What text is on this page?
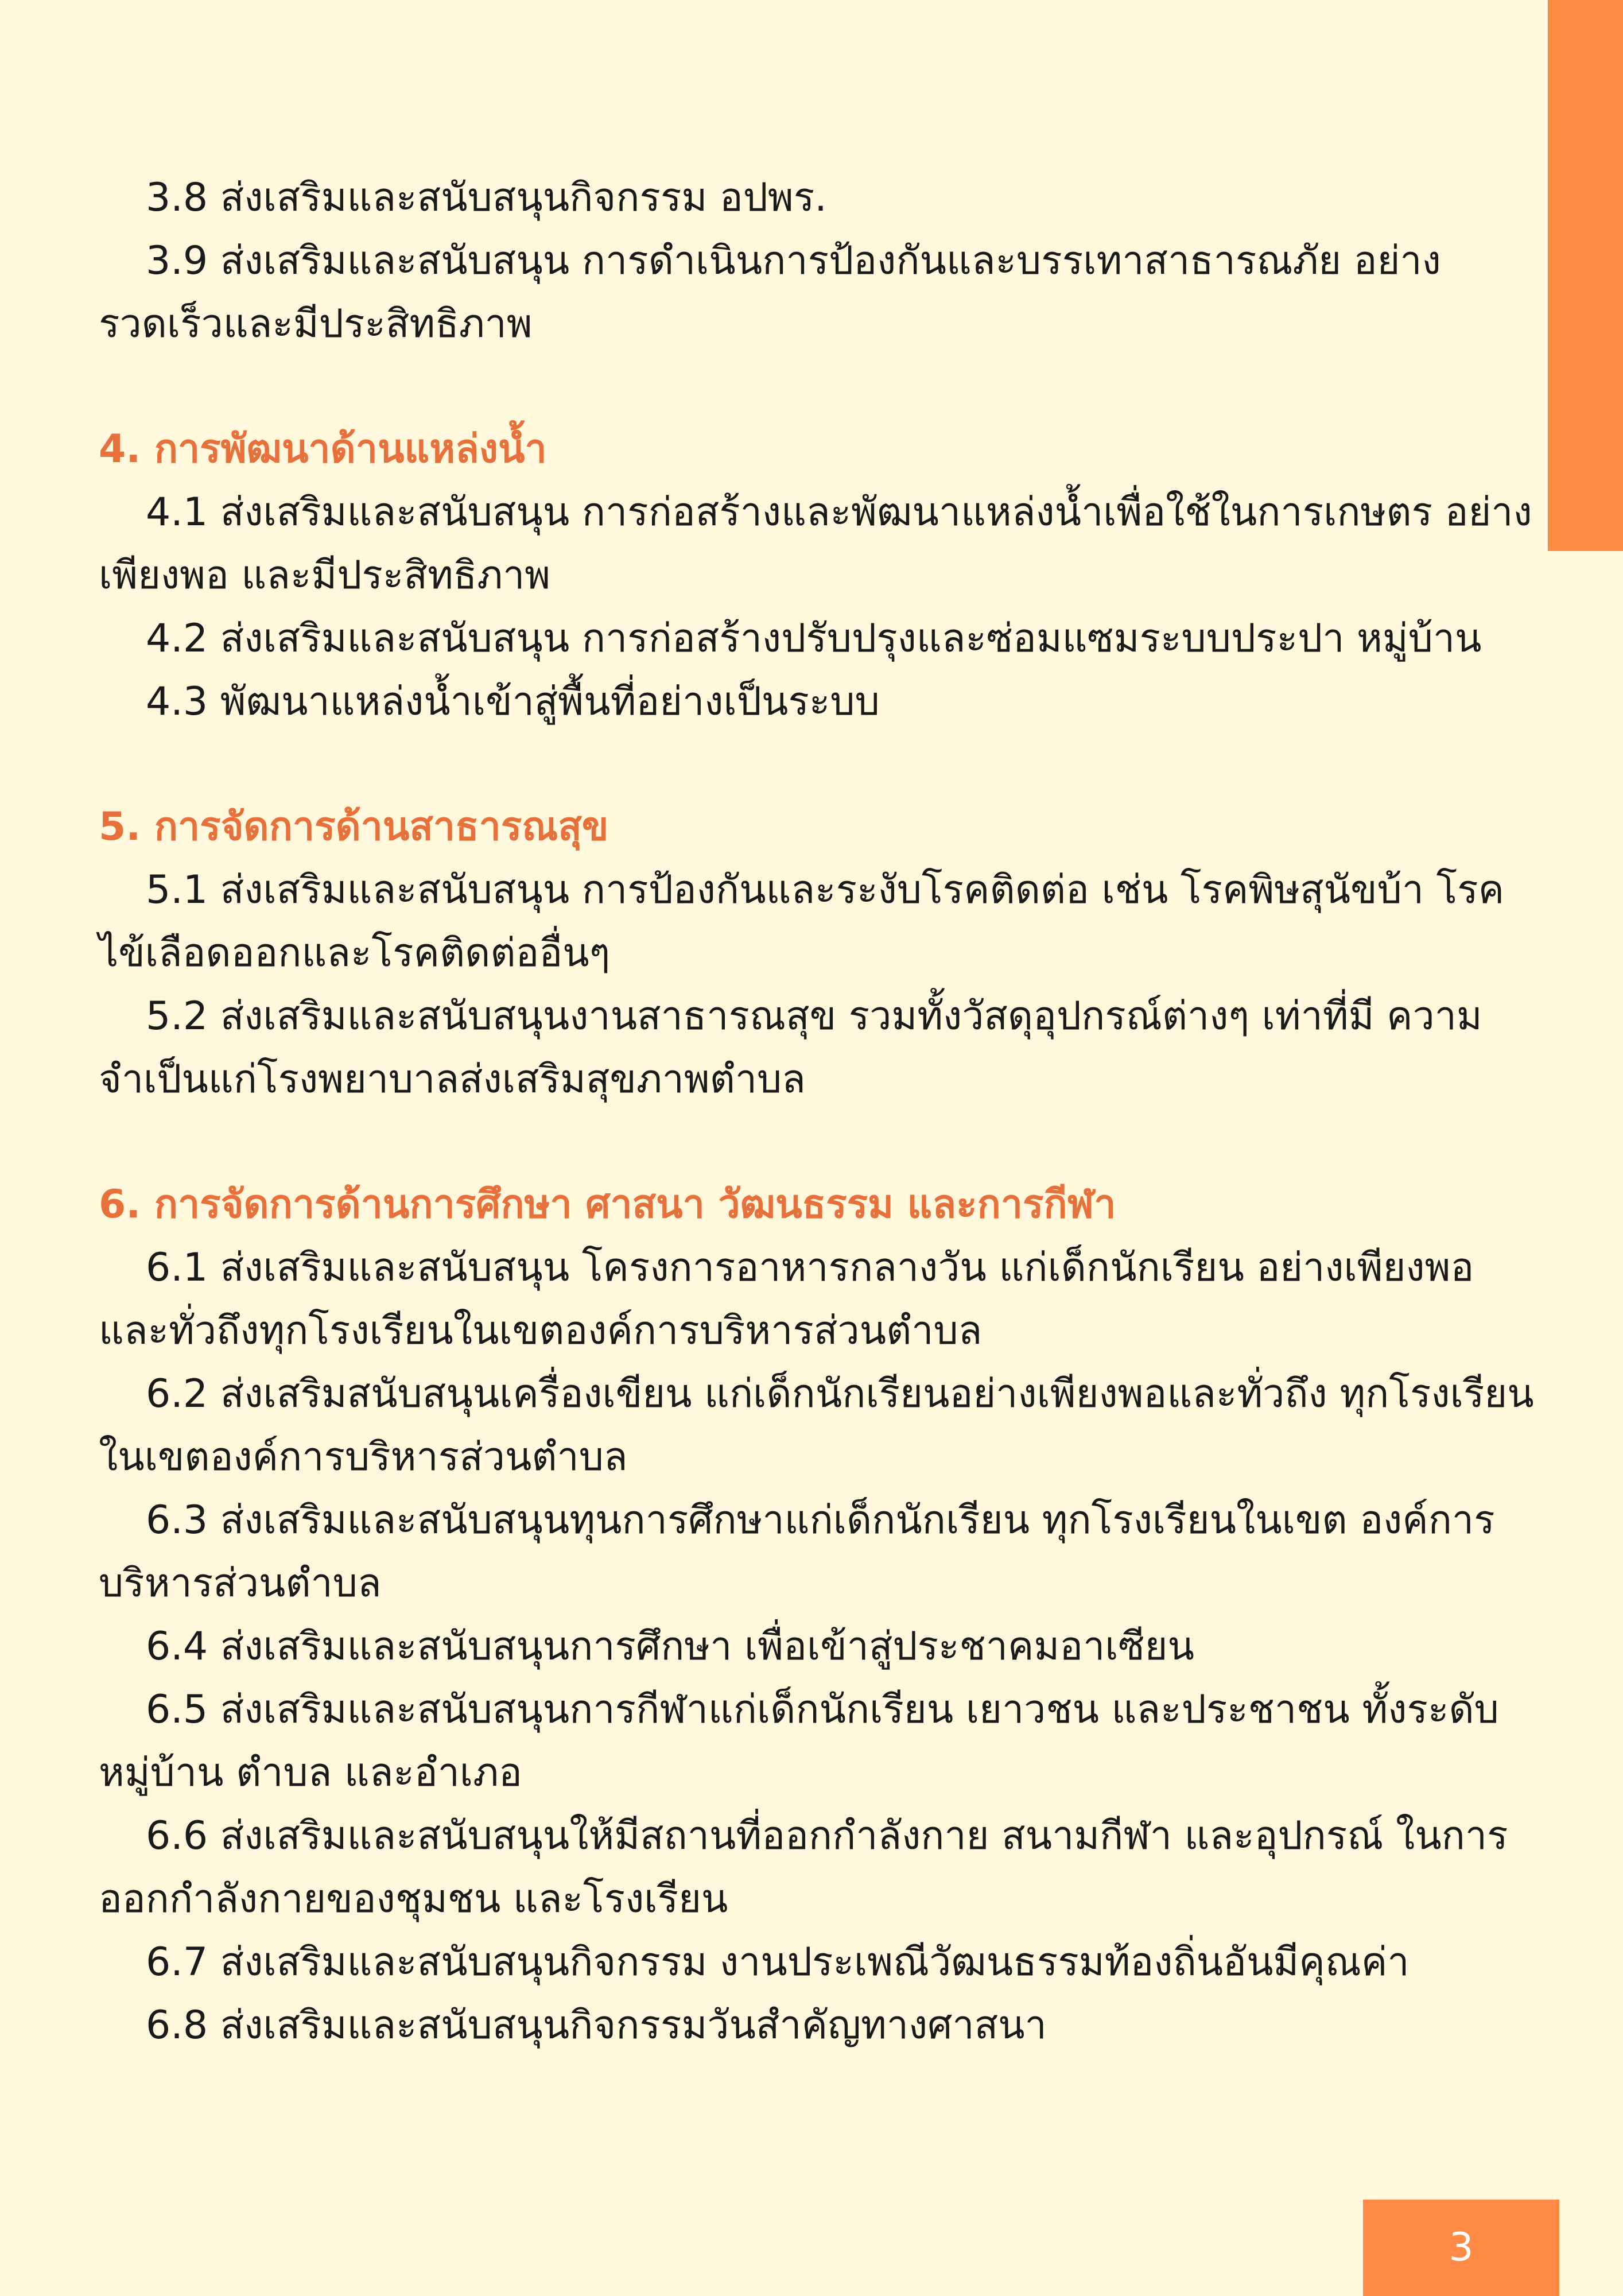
3.8 ส่งเสริมและสนับสนุนกิจกรรม อปพร.

3.9 ส่งเสริมและสนับสนุน การดำเนินการป้องกันและบรรเทาสาธารณภัย อย่างรวดเร็วและมีประสิทธิภาพ

4. การพัฒนาด้านแหล่งน้ำ

4.1 ส่งเสริมและสนับสนุน การก่อสร้างและพัฒนาแหล่งน้ำเพื่อใช้ในการเกษตร อย่างเพียงพอ และมีประสิทธิภาพ

4.2 ส่งเสริมและสนับสนุน การก่อสร้างปรับปรุงและซ่อมแซมระบบประปา หมู่บ้าน

4.3 พัฒนาแหล่งน้ำเข้าสู่พื้นที่อย่างเป็นระบบ

5. การจัดการด้านสาธารณสุข

5.1 ส่งเสริมและสนับสนุน การป้องกันและระงับโรคติดต่อ เช่น โรคพิษสุนัขบ้า โรคไข้เลือดออกและโรคติดต่ออื่นๆ

5.2 ส่งเสริมและสนับสนุนงานสาธารณสุข รวมทั้งวัสดุอุปกรณ์ต่างๆ เท่าที่มี ความจำเป็นแก่โรงพยาบาลส่งเสริมสุขภาพตำบล

6. การจัดการด้านการศึกษา ศาสนา วัฒนธรรม และการกีฬา

6.1 ส่งเสริมและสนับสนุน โครงการอาหารกลางวัน แก่เด็กนักเรียน อย่างเพียงพอ และทั่วถึงทุกโรงเรียนในเขตองค์การบริหารส่วนตำบล

6.2 ส่งเสริมสนับสนุนเครื่องเขียน แก่เด็กนักเรียนอย่างเพียงพอและทั่วถึง ทุกโรงเรียนในเขตองค์การบริหารส่วนตำบล

6.3 ส่งเสริมและสนับสนุนทุนการศึกษาแก่เด็กนักเรียน ทุกโรงเรียนในเขต องค์การบริหารส่วนตำบล

6.4 ส่งเสริมและสนับสนุนการศึกษา เพื่อเข้าสู่ประชาคมอาเซียน

6.5 ส่งเสริมและสนับสนุนการกีฬาแก่เด็กนักเรียน เยาวชน และประชาชน ทั้งระดับหมู่บ้าน ตำบล และอำเภอ

6.6 ส่งเสริมและสนับสนุนให้มีสถานที่ออกกำลังกาย สนามกีฬา และอุปกรณ์ ในการออกกำลังกายของชุมชน และโรงเรียน

6.7 ส่งเสริมและสนับสนุนกิจกรรม งานประเพณีวัฒนธรรมท้องถิ่นอันมีคุณค่า

6.8 ส่งเสริมและสนับสนุนกิจกรรมวันสำคัญทางศาสนา

3
